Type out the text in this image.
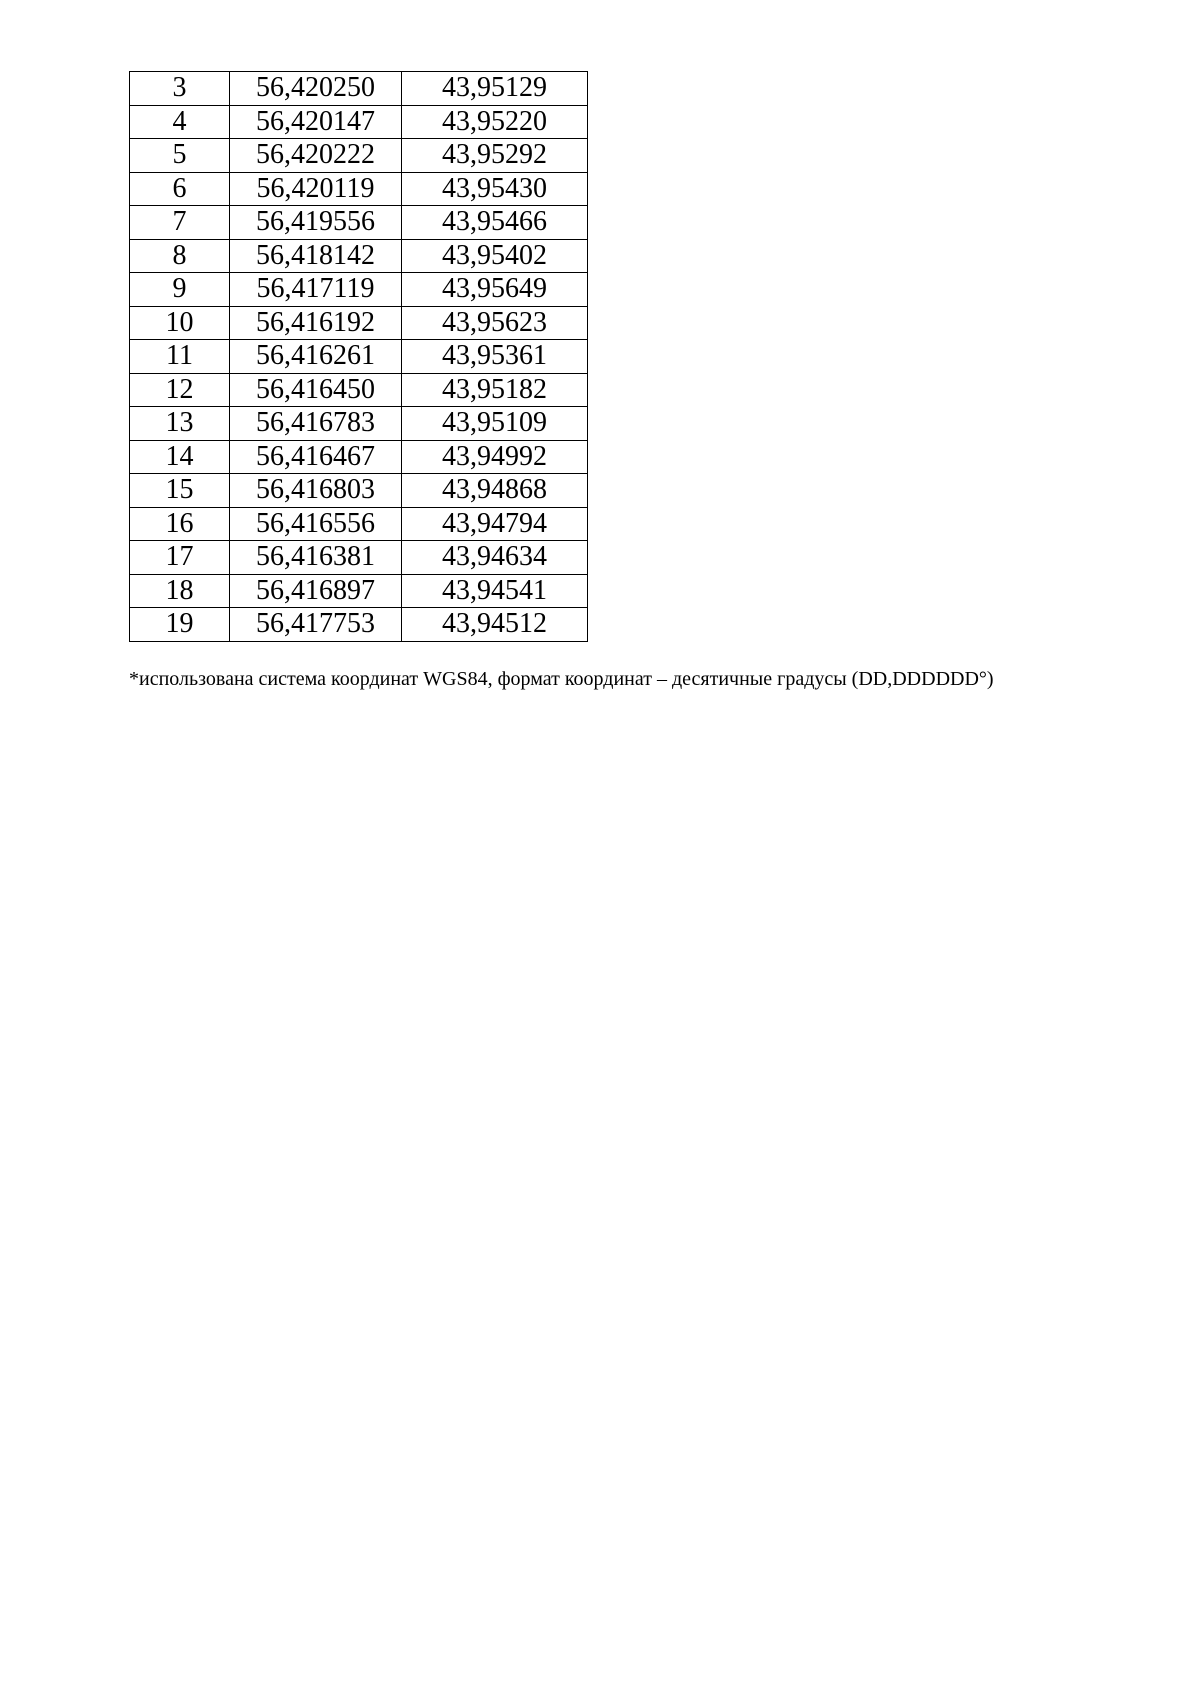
3	56,420250	43,95129
4	56,420147	43,95220
5	56,420222	43,95292
6	56,420119	43,95430
7	56,419556	43,95466
8	56,418142	43,95402
9	56,417119	43,95649
10	56,416192	43,95623
11	56,416261	43,95361
12	56,416450	43,95182
13	56,416783	43,95109
14	56,416467	43,94992
15	56,416803	43,94868
16	56,416556	43,94794
17	56,416381	43,94634
18	56,416897	43,94541
19	56,417753	43,94512
*использована система координат WGS84, формат координат – десятичные градусы (DD,DDDDDD°)
